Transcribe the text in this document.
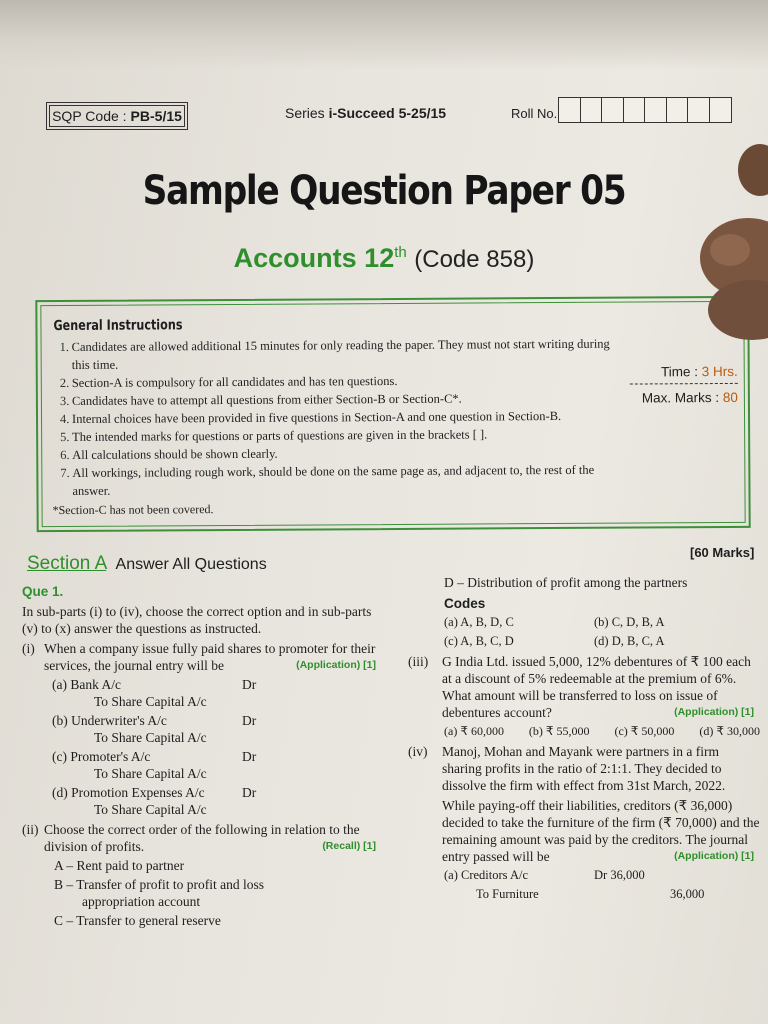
SQP Code : PB-5/15	Series i-Succeed 5-25/15	Roll No.
Sample Question Paper 05
Accounts 12th (Code 858)
General Instructions
1. Candidates are allowed additional 15 minutes for only reading the paper. They must not start writing during this time.
2. Section-A is compulsory for all candidates and has ten questions.
3. Candidates have to attempt all questions from either Section-B or Section-C*.
4. Internal choices have been provided in five questions in Section-A and one question in Section-B.
5. The intended marks for questions or parts of questions are given in the brackets [ ].
6. All calculations should be shown clearly.
7. All workings, including rough work, should be done on the same page as, and adjacent to, the rest of the answer.
*Section-C has not been covered.
Time : 3 Hrs.
Max. Marks : 80
Section A Answer All Questions
[60 Marks]
Que 1.
In sub-parts (i) to (iv), choose the correct option and in sub-parts (v) to (x) answer the questions as instructed.
(i) When a company issue fully paid shares to promoter for their services, the journal entry will be	(Application) [1]
(a) Bank A/c	Dr
To Share Capital A/c
(b) Underwriter's A/c	Dr
To Share Capital A/c
(c) Promoter's A/c	Dr
To Share Capital A/c
(d) Promotion Expenses A/c	Dr
To Share Capital A/c
(ii) Choose the correct order of the following in relation to the division of profits.	(Recall) [1]
A – Rent paid to partner
B – Transfer of profit to profit and loss
appropriation account
C – Transfer to general reserve
D – Distribution of profit among the partners
Codes
(a) A, B, D, C	(b) C, D, B, A
(c) A, B, C, D	(d) D, B, C, A
(iii)	G India Ltd. issued 5,000, 12% debentures of ₹ 100 each at a discount of 5% redeemable at the premium of 6%. What amount will be transferred to loss on issue of debentures account?	(Application) [1]
(a) ₹ 60,000 (b) ₹ 55,000 (c) ₹ 50,000 (d) ₹ 30,000
(iv)	Manoj, Mohan and Mayank were partners in a firm sharing profits in the ratio of 2:1:1. They decided to dissolve the firm with effect from 31st March, 2022.
While paying-off their liabilities, creditors (₹ 36,000) decided to take the furniture of the firm (₹ 70,000) and the remaining amount was paid by the creditors. The journal entry passed will be	(Application) [1]
(a) Creditors A/c	Dr 36,000
To Furniture	36,000
